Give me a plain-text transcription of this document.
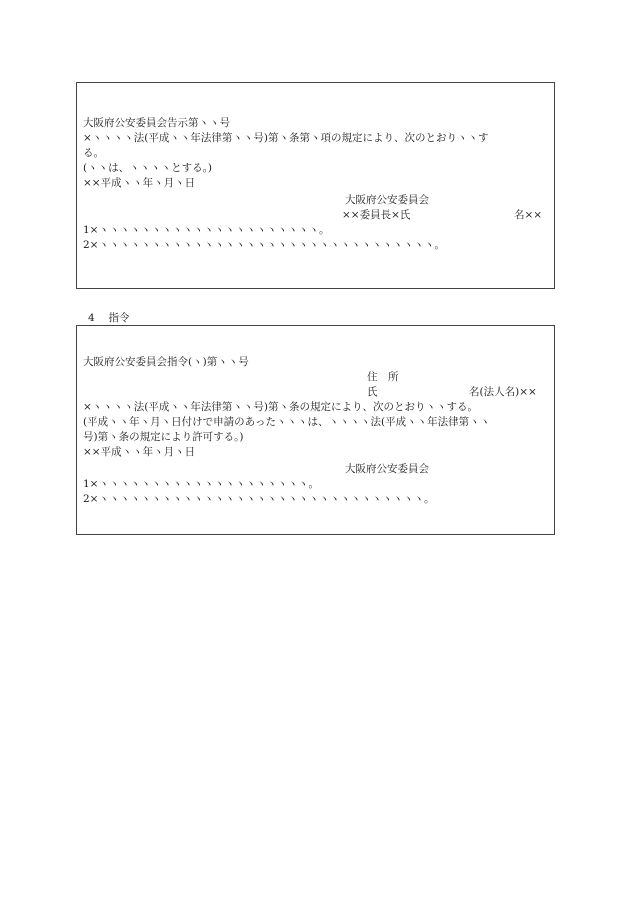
大阪府公安委員会告示第ヽヽ号
×ヽヽヽヽ法(平成ヽヽ年法律第ヽヽ号)第ヽ条第ヽ項の規定により、次のとおりヽヽす
る。
(ヽヽは、ヽヽヽヽとする。)
××平成ヽヽ年ヽ月ヽ日
大阪府公安委員会
××委員長×氏	名××
1×ヽヽヽヽヽヽヽヽヽヽヽヽヽヽヽヽヽヽヽヽヽ。
2×ヽヽヽヽヽヽヽヽヽヽヽヽヽヽヽヽヽヽヽヽヽヽヽヽヽヽヽヽヽヽヽヽ。
4　 指令
大阪府公安委員会指令(ヽ)第ヽヽ号
住　所
氏	名(法人名)××
×ヽヽヽヽ法(平成ヽヽ年法律第ヽヽ号)第ヽ条の規定により、次のとおりヽヽする。
(平成ヽヽ年ヽ月ヽ日付けで申請のあったヽヽヽは、ヽヽヽヽ法(平成ヽヽ年法律第ヽヽ
号)第ヽ条の規定により許可する。)
××平成ヽヽ年ヽ月ヽ日
大阪府公安委員会
1×ヽヽヽヽヽヽヽヽヽヽヽヽヽヽヽヽヽヽヽヽ。
2×ヽヽヽヽヽヽヽヽヽヽヽヽヽヽヽヽヽヽヽヽヽヽヽヽヽヽヽヽヽヽヽ。
